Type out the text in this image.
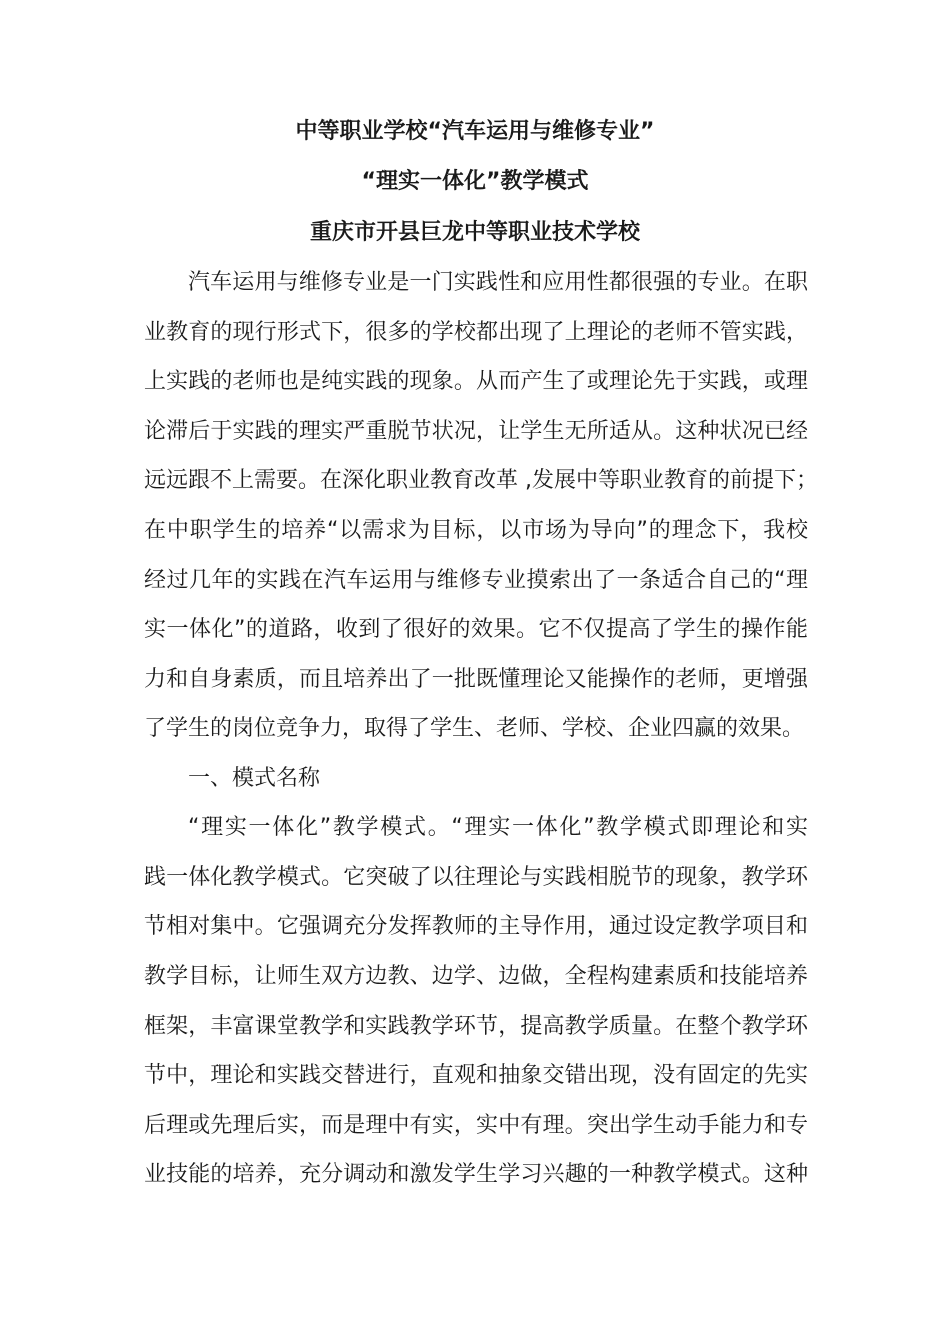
中等职业学校“汽车运用与维修专业”
“理实一体化”教学模式
重庆市开县巨龙中等职业技术学校
汽车运用与维修专业是一门实践性和应用性都很强的专业。在职
业教育的现行形式下，很多的学校都出现了上理论的老师不管实践，
上实践的老师也是纯实践的现象。从而产生了或理论先于实践，或理
论滞后于实践的理实严重脱节状况，让学生无所适从。这种状况已经
远远跟不上需要。在深化职业教育改革 ,发展中等职业教育的前提下；
在中职学生的培养“以需求为目标，以市场为导向”的理念下，我校
经过几年的实践在汽车运用与维修专业摸索出了一条适合自己的“理
实一体化”的道路，收到了很好的效果。它不仅提高了学生的操作能
力和自身素质，而且培养出了一批既懂理论又能操作的老师，更增强
了学生的岗位竞争力，取得了学生、老师、学校、企业四赢的效果。
一、模式名称
“理实一体化”教学模式。“理实一体化”教学模式即理论和实
践一体化教学模式。它突破了以往理论与实践相脱节的现象，教学环
节相对集中。它强调充分发挥教师的主导作用，通过设定教学项目和
教学目标，让师生双方边教、边学、边做，全程构建素质和技能培养
框架，丰富课堂教学和实践教学环节，提高教学质量。在整个教学环
节中，理论和实践交替进行，直观和抽象交错出现，没有固定的先实
后理或先理后实，而是理中有实，实中有理。突出学生动手能力和专
业技能的培养，充分调动和激发学生学习兴趣的一种教学模式。这种
